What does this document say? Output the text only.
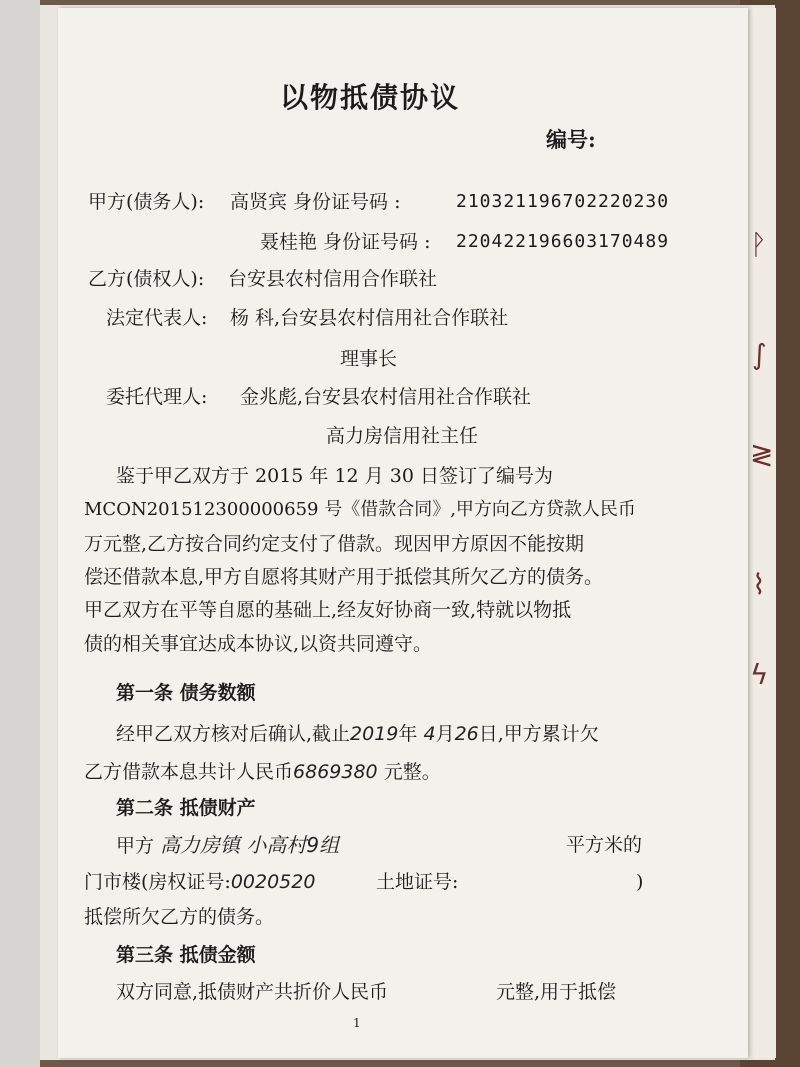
ᚹ
∫
≷
⌇
ϟ
以物抵债协议
编号:
甲方(债务人): 高贤宾 身份证号码 :	210321196702220230
聂桂艳 身份证号码 : 220422196603170489
乙方(债权人): 台安县农村信用合作联社
法定代表人: 杨 科,台安县农村信用社合作联社
理事长
委托代理人: 金兆彪,台安县农村信用社合作联社
高力房信用社主任
鉴于甲乙双方于 2015 年 12 月 30 日签订了编号为
MCON201512300000659 号《借款合同》,甲方向乙方贷款人民币
万元整,乙方按合同约定支付了借款。现因甲方原因不能按期
偿还借款本息,甲方自愿将其财产用于抵偿其所欠乙方的债务。
甲乙双方在平等自愿的基础上,经友好协商一致,特就以物抵
债的相关事宜达成本协议,以资共同遵守。
第一条 债务数额
经甲乙双方核对后确认,截止2019年 4月26日,甲方累计欠
乙方借款本息共计人民币6869380 元整。
第二条 抵债财产
甲方 高力房镇 小高村9组	平方米的
门市楼(房权证号:0020520	土地证号:	)
抵偿所欠乙方的债务。
第三条 抵债金额
双方同意,抵债财产共折价人民币	元整,用于抵偿
1
